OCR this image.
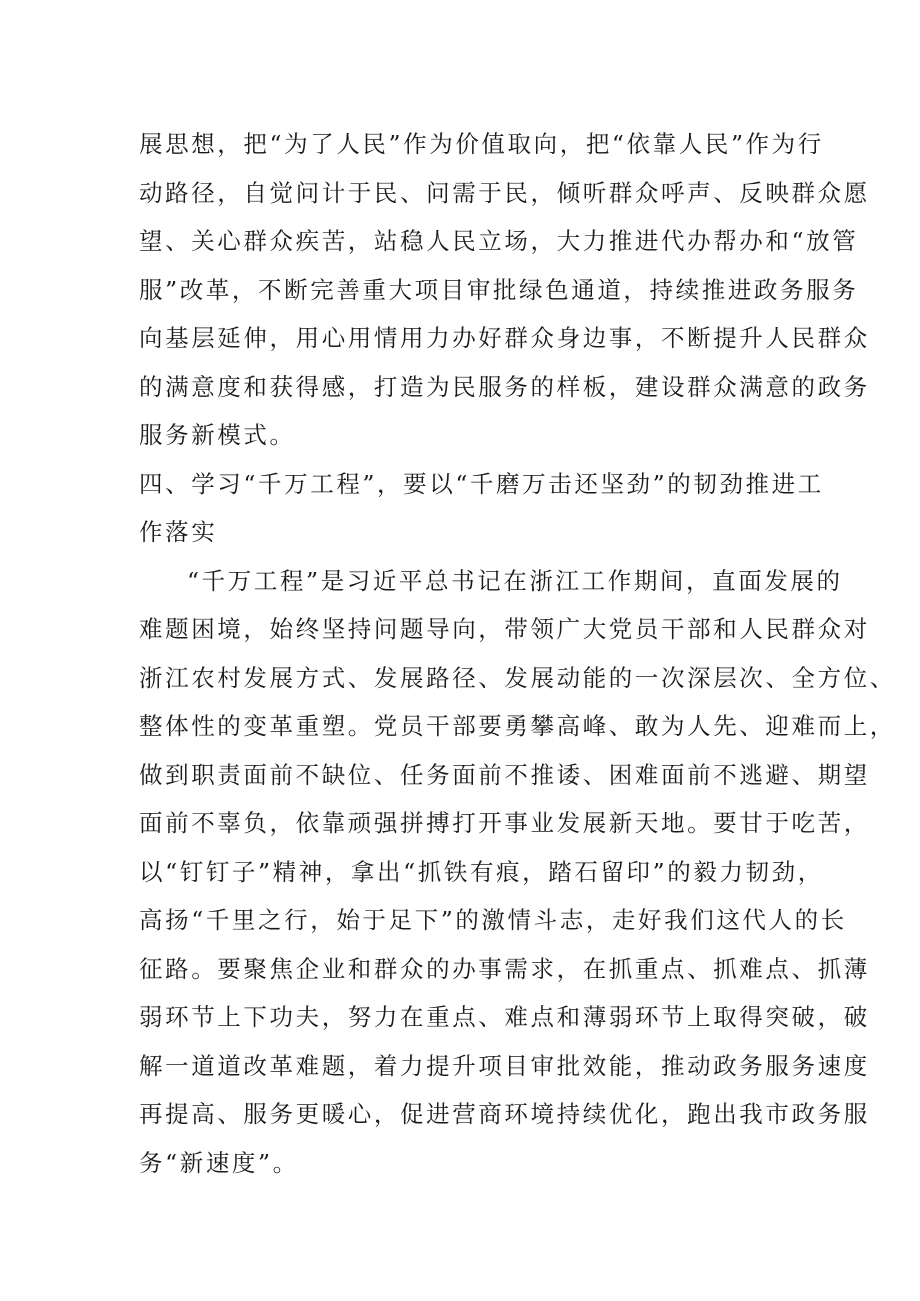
展思想，把“为了人民”作为价值取向，把“依靠人民”作为行
动路径，自觉问计于民、问需于民，倾听群众呼声、反映群众愿
望、关心群众疾苦，站稳人民立场，大力推进代办帮办和“放管
服”改革，不断完善重大项目审批绿色通道，持续推进政务服务
向基层延伸，用心用情用力办好群众身边事，不断提升人民群众
的满意度和获得感，打造为民服务的样板，建设群众满意的政务
服务新模式。
四、学习“千万工程”，要以“千磨万击还坚劲”的韧劲推进工
作落实
“千万工程”是习近平总书记在浙江工作期间，直面发展的
难题困境，始终坚持问题导向，带领广大党员干部和人民群众对
浙江农村发展方式、发展路径、发展动能的一次深层次、全方位、
整体性的变革重塑。党员干部要勇攀高峰、敢为人先、迎难而上，
做到职责面前不缺位、任务面前不推诿、困难面前不逃避、期望
面前不辜负，依靠顽强拼搏打开事业发展新天地。要甘于吃苦，
以“钉钉子”精神，拿出“抓铁有痕，踏石留印”的毅力韧劲，
高扬“千里之行，始于足下”的激情斗志，走好我们这代人的长
征路。要聚焦企业和群众的办事需求，在抓重点、抓难点、抓薄
弱环节上下功夫，努力在重点、难点和薄弱环节上取得突破，破
解一道道改革难题，着力提升项目审批效能，推动政务服务速度
再提高、服务更暖心，促进营商环境持续优化，跑出我市政务服
务“新速度”。
